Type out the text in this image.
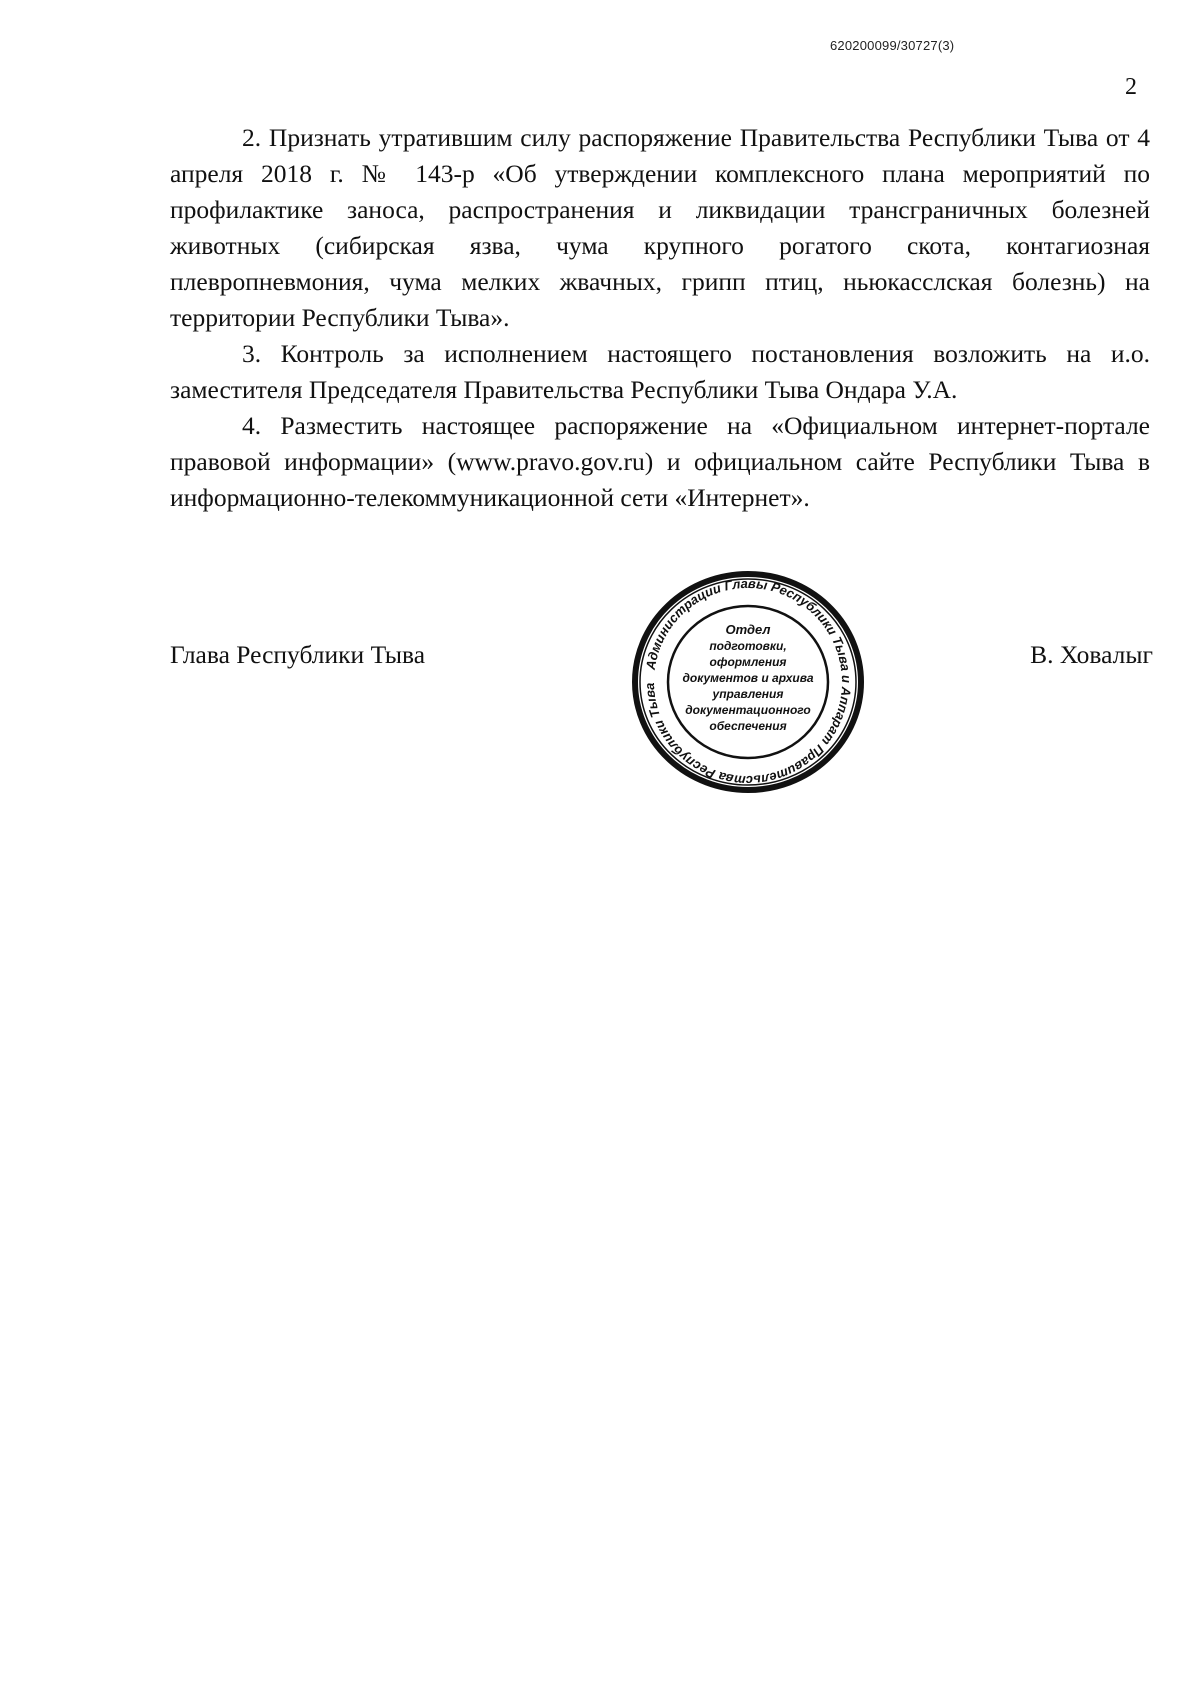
620200099/30727(3)
2

2. Признать утратившим силу распоряжение Правительства Республики Тыва от 4 апреля 2018 г. № 143-р «Об утверждении комплексного плана мероприятий по профилактике заноса, распространения и ликвидации трансграничных болезней животных (сибирская язва, чума крупного рогатого скота, контагиозная плевропневмония, чума мелких жвачных, грипп птиц, ньюкасслская болезнь) на территории Республики Тыва».

3. Контроль за исполнением настоящего постановления возложить на и.о. заместителя Председателя Правительства Республики Тыва Ондара У.А.

4. Разместить настоящее распоряжение на «Официальном интернет-портале правовой информации» (www.pravo.gov.ru) и официальном сайте Республики Тыва в информационно-телекоммуникационной сети «Интернет».

Глава Республики Тыва	В. Ховалыг
Администрации Главы Республики Тыва и Аппарат Правительства Республики Тыва
Отдел
подготовки,
оформления
документов и архива
управления
документационного
обеспечения
